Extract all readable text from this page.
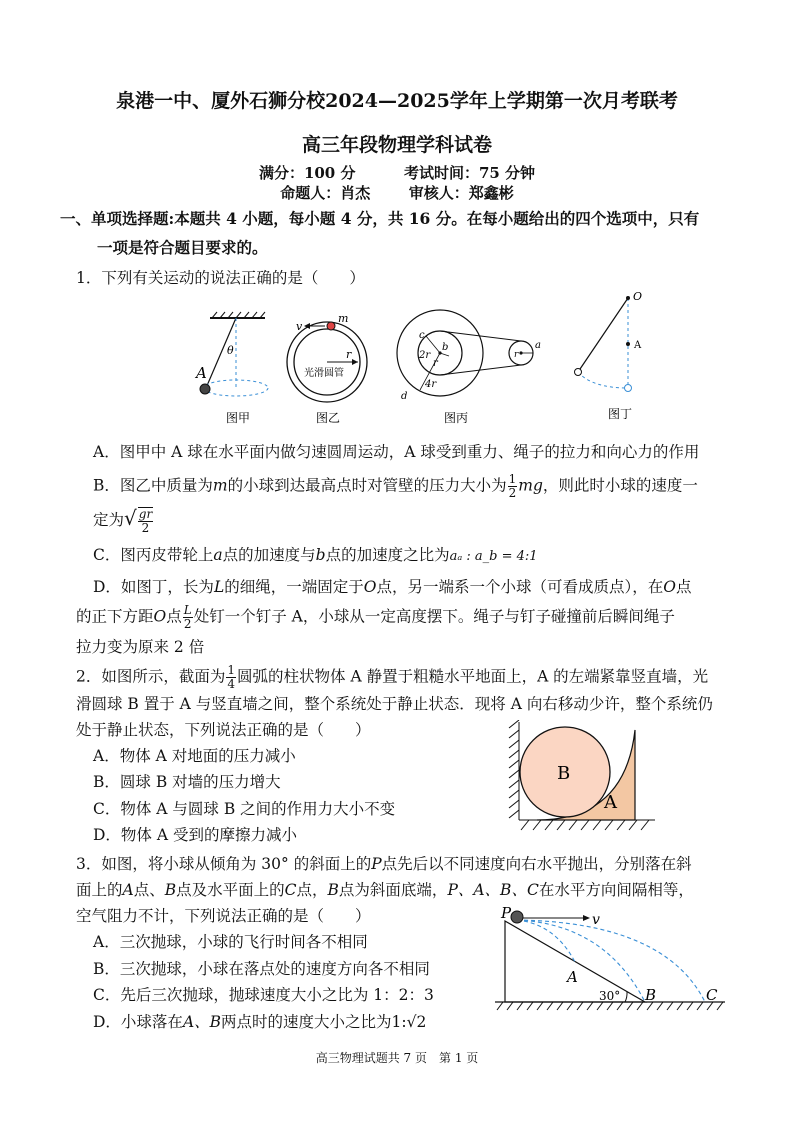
泉港一中、厦外石狮分校2024—2025学年上学期第一次月考联考
高三年段物理学科试卷
满分：100 分	考试时间：75 分钟
命题人：肖杰	审核人：郑鑫彬
一、单项选择题:本题共 4 小题，每小题 4 分，共 16 分。在每小题给出的四个选项中，只有
一项是符合题目要求的。
1．下列有关运动的说法正确的是（　　）
A
θ
图甲
v
m
r
光滑圆管
图乙
c
2r
b
r
4r
d
a
r
图丙
O
A
图丁
A．图甲中 A 球在水平面内做匀速圆周运动，A 球受到重力、绳子的拉力和向心力的作用
B．图乙中质量为m的小球到达最高点时对管壁的压力大小为 $\frac{1}{2}$ mg，则此时小球的速度一
定为√ $\frac{gr}{2}$
C．图丙皮带轮上a点的加速度与b点的加速度之比为aₐ : a_b = 4:1
D．如图丁，长为L的细绳，一端固定于O点，另一端系一个小球（可看成质点），在O点
的正下方距O点 $\frac{L}{2}$ 处钉一个钉子 A，小球从一定高度摆下。绳子与钉子碰撞前后瞬间绳子
拉力变为原来 2 倍
2．如图所示，截面为 $\frac{1}{4}$ 圆弧的柱状物体 A 静置于粗糙水平地面上，A 的左端紧靠竖直墙，光
滑圆球 B 置于 A 与竖直墙之间，整个系统处于静止状态．现将 A 向右移动少许，整个系统仍
处于静止状态，下列说法正确的是（　　）
A．物体 A 对地面的压力减小
B．圆球 B 对墙的压力增大
C．物体 A 与圆球 B 之间的作用力大小不变
D．物体 A 受到的摩擦力减小
B
A
3．如图，将小球从倾角为 30° 的斜面上的P点先后以不同速度向右水平抛出，分别落在斜
面上的A点、B点及水平面上的C点，B点为斜面底端，P、A、B、C在水平方向间隔相等，
空气阻力不计，下列说法正确的是（　　）
A．三次抛球，小球的飞行时间各不相同
B．三次抛球，小球在落点处的速度方向各不相同
C．先后三次抛球，抛球速度大小之比为 1：2：3
D．小球落在A、B两点时的速度大小之比为1:√2
P	v
A
30° B	C
高三物理试题共 7 页　第 1 页
